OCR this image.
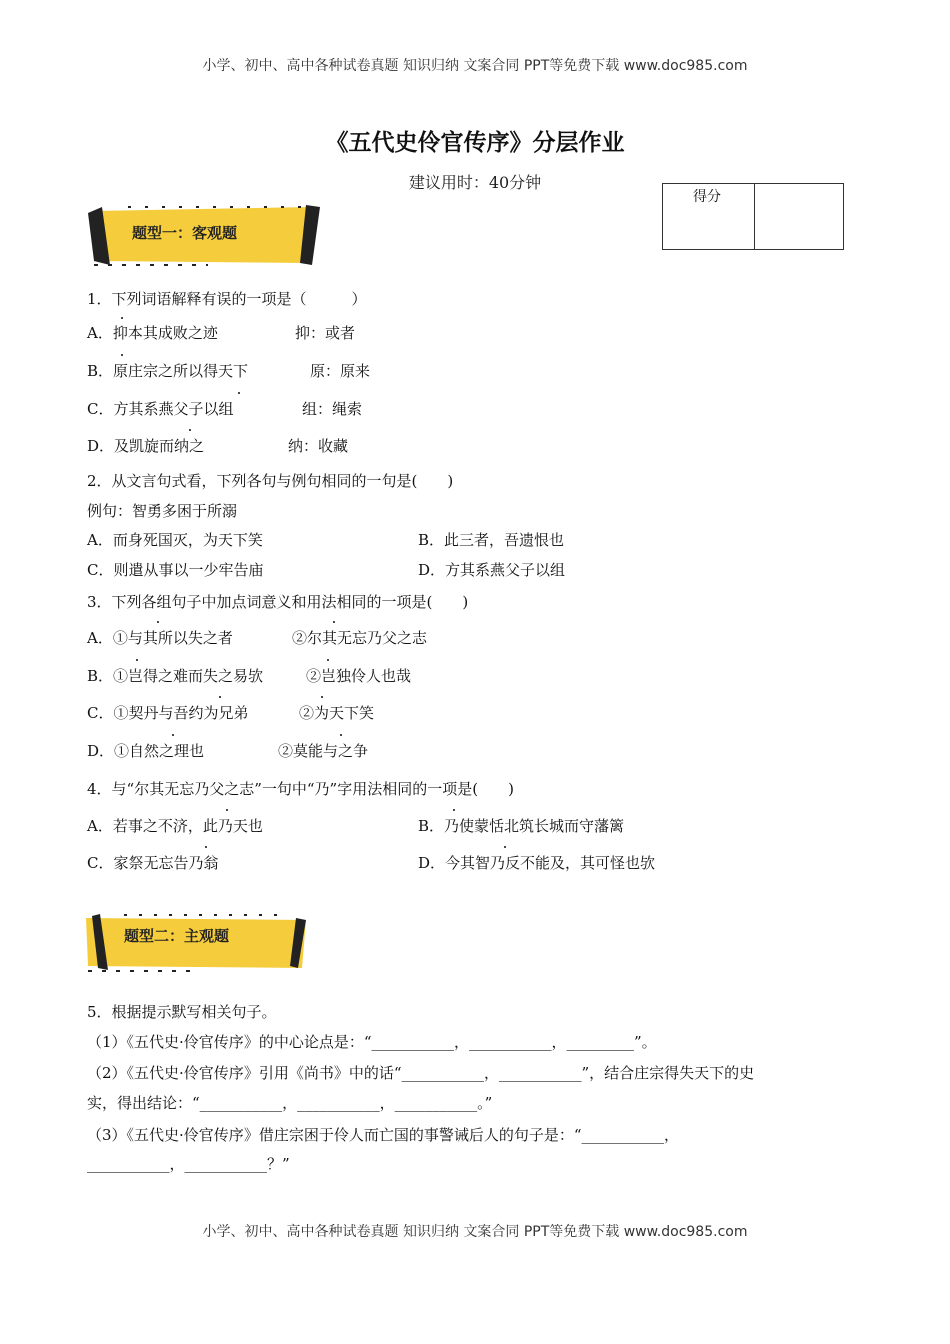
小学、初中、高中各种试卷真题 知识归纳 文案合同 PPT等免费下载 www.doc985.com
《五代史伶官传序》分层作业
建议用时：40分钟
得分
题型一：客观题
1．下列词语解释有误的一项是（　　　）
A．抑本其成败之迹	抑：或者
B．原庄宗之所以得天下	原：原来
C．方其系燕父子以组	组：绳索
D．及凯旋而纳之	纳：收藏
2．从文言句式看，下列各句与例句相同的一句是(　　)
例句：智勇多困于所溺
A．而身死国灭，为天下笑	B．此三者，吾遗恨也
C．则遣从事以一少牢告庙	D．方其系燕父子以组
3．下列各组句子中加点词意义和用法相同的一项是(　　)
A．①与其所以失之者	②尔其无忘乃父之志
B．①岂得之难而失之易欤	②岂独伶人也哉
C．①契丹与吾约为兄弟	②为天下笑
D．①自然之理也	②莫能与之争
4．与“尔其无忘乃父之志”一句中“乃”字用法相同的一项是(　　)
A．若事之不济，此乃天也	B．乃使蒙恬北筑长城而守藩篱
C．家祭无忘告乃翁	D．今其智乃反不能及，其可怪也欤
题型二：主观题
5．根据提示默写相关句子。
（1）《五代史·伶官传序》的中心论点是：“___________，___________，_________”。
（2）《五代史·伶官传序》引用《尚书》中的话“___________，___________”，结合庄宗得失天下的史
实，得出结论：“___________，___________，___________。”
（3）《五代史·伶官传序》借庄宗困于伶人而亡国的事警诫后人的句子是：“___________，
___________，___________？”
小学、初中、高中各种试卷真题 知识归纳 文案合同 PPT等免费下载 www.doc985.com
